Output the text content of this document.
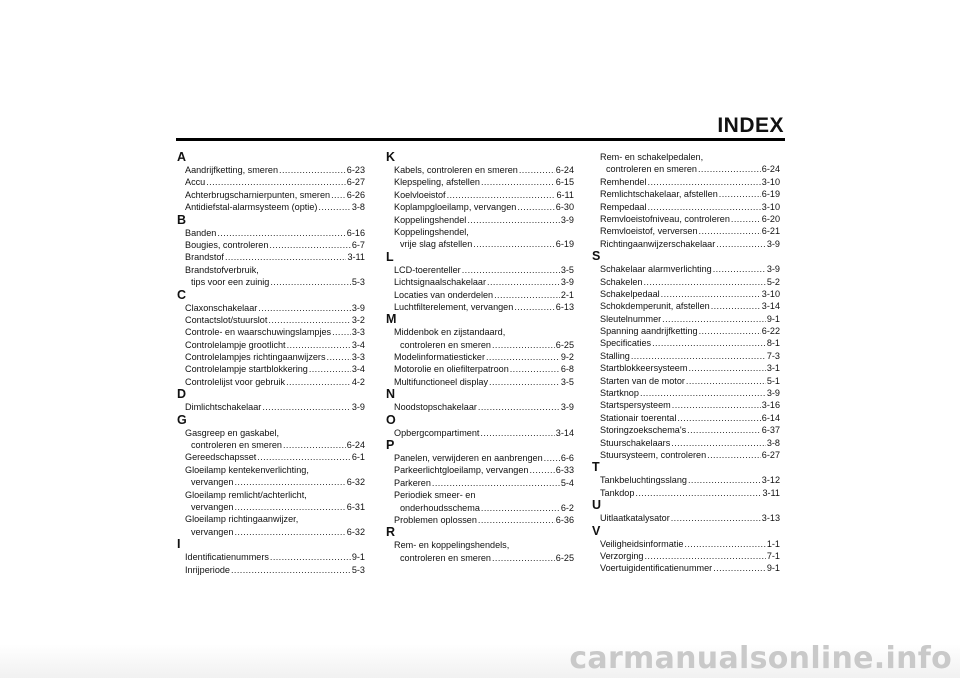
INDEX
A
Aandrijfketting, smeren .....	6-23
Accu .....	6-27
Achterbrugscharnierpunten, smeren ..... 6-26
Antidiefstal-alarmsysteem (optie) .....	3-8
B
Banden .....	6-16
Bougies, controleren .....	6-7
Brandstof .....	3-11
Brandstofverbruik,
tips voor een zuinig .....	5-3
C
Claxonschakelaar .....	3-9
Contactslot/stuurslot .....	3-2
Controle- en waarschuwingslampjes ..... 3-3
Controlelampje grootlicht .....	3-4
Controlelampjes richtingaanwijzers .....	3-3
Controlelampje startblokkering .....	3-4
Controlelijst voor gebruik .....	4-2
D
Dimlichtschakelaar .....	3-9
G
Gasgreep en gaskabel,
controleren en smeren .....	6-24
Gereedschapsset .....	6-1
Gloeilamp kentekenverlichting,
vervangen .....	6-32
Gloeilamp remlicht/achterlicht,
vervangen .....	6-31
Gloeilamp richtingaanwijzer,
vervangen .....	6-32
I
Identificatienummers .....	9-1
Inrijperiode .....	5-3
K
Kabels, controleren en smeren .....	6-24
Klepspeling, afstellen .....	6-15
Koelvloeistof .....	6-11
Koplampgloeilamp, vervangen .....	6-30
Koppelingshendel .....	3-9
Koppelingshendel,
vrije slag afstellen .....	6-19
L
LCD-toerenteller .....	3-5
Lichtsignaalschakelaar .....	3-9
Locaties van onderdelen .....	2-1
Luchtfilterelement, vervangen .....	6-13
M
Middenbok en zijstandaard,
controleren en smeren .....	6-25
Modelinformatiesticker .....	9-2
Motorolie en oliefilterpatroon .....	6-8
Multifunctioneel display .....	3-5
N
Noodstopschakelaar .....	3-9
O
Opbergcompartiment .....	3-14
P
Panelen, verwijderen en aanbrengen ..... 6-6
Parkeerlichtgloeilamp, vervangen .....	6-33
Parkeren .....	5-4
Periodiek smeer- en
onderhoudsschema .....	6-2
Problemen oplossen .....	6-36
R
Rem- en koppelingshendels,
controleren en smeren .....	6-25
Rem- en schakelpedalen,
controleren en smeren .....	6-24
Remhendel .....	3-10
Remlichtschakelaar, afstellen .....	6-19
Rempedaal .....	3-10
Remvloeistofniveau, controleren .....	6-20
Remvloeistof, verversen .....	6-21
Richtingaanwijzerschakelaar .....	3-9
S
Schakelaar alarmverlichting .....	3-9
Schakelen .....	5-2
Schakelpedaal .....	3-10
Schokdemperunit, afstellen .....	3-14
Sleutelnummer .....	9-1
Spanning aandrijfketting .....	6-22
Specificaties .....	8-1
Stalling .....	7-3
Startblokkeersysteem .....	3-1
Starten van de motor .....	5-1
Startknop .....	3-9
Startspersysteem .....	3-16
Stationair toerental .....	6-14
Storingzoekschema's .....	6-37
Stuurschakelaars .....	3-8
Stuursysteem, controleren .....	6-27
T
Tankbeluchtingsslang .....	3-12
Tankdop .....	3-11
U
Uitlaatkatalysator .....	3-13
V
Veiligheidsinformatie .....	1-1
Verzorging .....	7-1
Voertuigidentificatienummer .....	9-1
carmanualsonline.info
